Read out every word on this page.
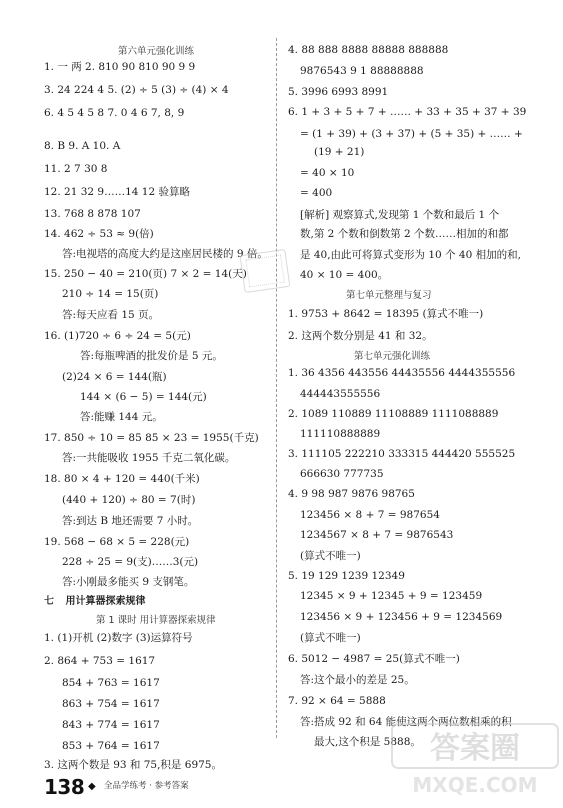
第六单元强化训练
1. 一 两 2. 810 90 810 90 9 9
3. 24 224 4 5. (2) ÷ 5 (3) ÷ (4) × 4
6. 4 5 4 5 8 7. 0 4 6 7, 8, 9
8. B 9. A 10. A
11. 2 7 30 8
12. 21 32 9……14 12 验算略
13. 768 8 878 107
14. 462 ÷ 53 ≈ 9(倍)
答:电视塔的高度大约是这座居民楼的 9 倍。
15. 250 − 40 = 210(页) 7 × 2 = 14(天)
210 ÷ 14 = 15(页)
答:每天应看 15 页。
16. (1)720 ÷ 6 ÷ 24 = 5(元)
答:每瓶啤酒的批发价是 5 元。
(2)24 × 6 = 144(瓶)
144 × (6 − 5) = 144(元)
答:能赚 144 元。
17. 850 ÷ 10 = 85 85 × 23 = 1955(千克)
答:一共能吸收 1955 千克二氧化碳。
18. 80 × 4 + 120 = 440(千米)
(440 + 120) ÷ 80 = 7(时)
答:到达 B 地还需要 7 小时。
19. 568 − 68 × 5 = 228(元)
228 ÷ 25 = 9(支)……3(元)
答:小刚最多能买 9 支钢笔。
七 用计算器探索规律
第 1 课时 用计算器探索规律
1. (1)开机 (2)数字 (3)运算符号
2. 864 + 753 = 1617
854 + 763 = 1617
863 + 754 = 1617
843 + 774 = 1617
853 + 764 = 1617
3. 这两个数是 93 和 75,积是 6975。
4. 88 888 8888 88888 888888
9876543 9 1 88888888
5. 3996 6993 8991
6. 1 + 3 + 5 + 7 + …… + 33 + 35 + 37 + 39
= (1 + 39) + (3 + 37) + (5 + 35) + …… +
(19 + 21)
= 40 × 10
= 400
[解析] 观察算式,发现第 1 个数和最后 1 个
数,第 2 个数和倒数第 2 个数……相加的和都
是 40,由此可将算式变形为 10 个 40 相加的和,
40 × 10 = 400。
第七单元整理与复习
1. 9753 + 8642 = 18395 (算式不唯一)
2. 这两个数分别是 41 和 32。
第七单元强化训练
1. 36 4356 443556 44435556 4444355556
444443555556
2. 1089 110889 11108889 1111088889
111110888889
3. 111105 222210 333315 444420 555525
666630 777735
4. 9 98 987 9876 98765
123456 × 8 + 7 = 987654
1234567 × 8 + 7 = 9876543
(算式不唯一)
5. 19 129 1239 12349
12345 × 9 + 12345 + 9 = 123459
123456 × 9 + 123456 + 9 = 1234569
(算式不唯一)
6. 5012 − 4987 = 25(算式不唯一)
答:这个最小的差是 25。
7. 92 × 64 = 5888
答:搭成 92 和 64 能使这两个两位数相乘的积
最大,这个积是 5888。
138 ◆ 全品学练考 · 参考答案
答案圈
MXQE.COM
